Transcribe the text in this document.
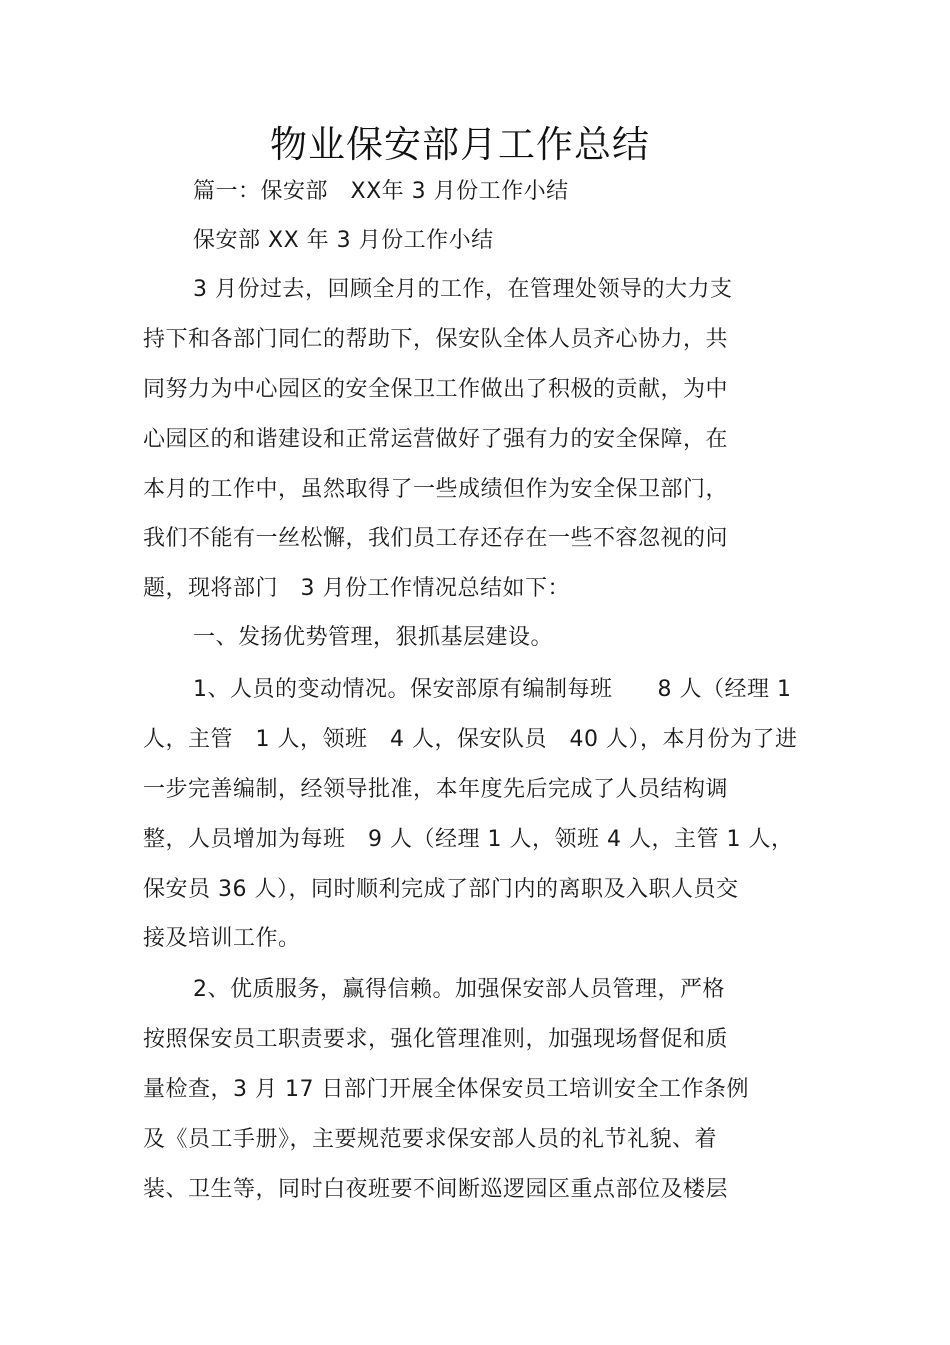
物业保安部月工作总结
篇一：保安部　XX年 3 月份工作小结
保安部 XX 年 3 月份工作小结
3 月份过去，回顾全月的工作，在管理处领导的大力支
持下和各部门同仁的帮助下，保安队全体人员齐心协力，共
同努力为中心园区的安全保卫工作做出了积极的贡献，为中
心园区的和谐建设和正常运营做好了强有力的安全保障，在
本月的工作中，虽然取得了一些成绩但作为安全保卫部门，
我们不能有一丝松懈，我们员工存还存在一些不容忽视的问
题，现将部门　3 月份工作情况总结如下：
一、发扬优势管理，狠抓基层建设。
1、人员的变动情况。保安部原有编制每班　　8 人（经理 1
人，主管　1 人，领班　4 人，保安队员　40 人），本月份为了进
一步完善编制，经领导批准，本年度先后完成了人员结构调
整，人员增加为每班　9 人（经理 1 人，领班 4 人，主管 1 人，
保安员 36 人），同时顺利完成了部门内的离职及入职人员交
接及培训工作。
2、优质服务，赢得信赖。加强保安部人员管理，严格
按照保安员工职责要求，强化管理准则，加强现场督促和质
量检查，3 月 17 日部门开展全体保安员工培训安全工作条例
及《员工手册》，主要规范要求保安部人员的礼节礼貌、着
装、卫生等，同时白夜班要不间断巡逻园区重点部位及楼层
